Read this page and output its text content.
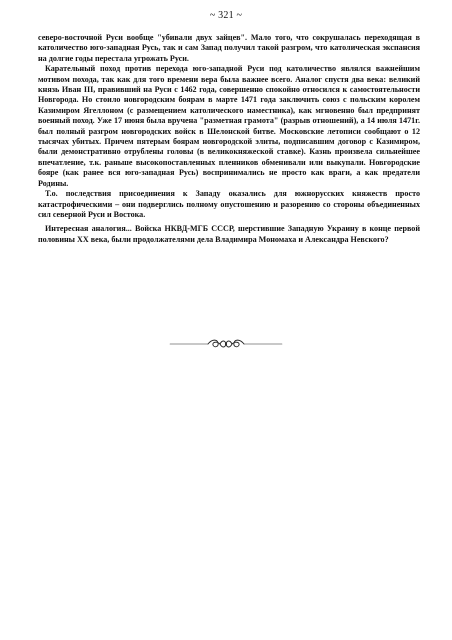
~ 321 ~

северо-восточной Руси вообще "убивали двух зайцев". Мало того, что сокрушалась переходящая в католичество юго-западная Русь, так и сам Запад получил такой разгром, что католическая экспансия на долгие годы перестала угрожать Руси.

Карательный поход против перехода юго-западной Руси под католичество являлся важнейшим мотивом похода, так как для того времени вера была важнее всего. Аналог спустя два века: великий князь Иван III, правивший на Руси с 1462 года, совершенно спокойно относился к самостоятельности Новгорода. Но стоило новгородским боярам в марте 1471 года заключить союз с польским королем Казимиром Ягеллоном (с размещением католического наместника), как мгновенно был предпринят военный поход. Уже 17 июня была вручена "разметная грамота" (разрыв отношений), а 14 июля 1471г. был полный разгром новгородских войск в Шелонской битве. Московские летописи сообщают о 12 тысячах убитых. Причем пятерым боярам новгородской элиты, подписавшим договор с Казимиром, были демонстративно отрублены головы (в великокняжеской ставке). Казнь произвела сильнейшее впечатление, т.к. раньше высокопоставленных пленников обменивали или выкупали. Новгородские бояре (как ранее вся юго-западная Русь) воспринимались не просто как враги, а как предатели Родины.

Т.о. последствия присоединения к Западу оказались для южнорусских княжеств просто катастрофическими – они подверглись полному опустошению и разорению со стороны объединенных сил северной Руси и Востока.

Интересная аналогия... Войска НКВД-МГБ СССР, шерстившие Западную Украину в конце первой половины XX века, были продолжателями дела Владимира Мономаха и Александра Невского?
